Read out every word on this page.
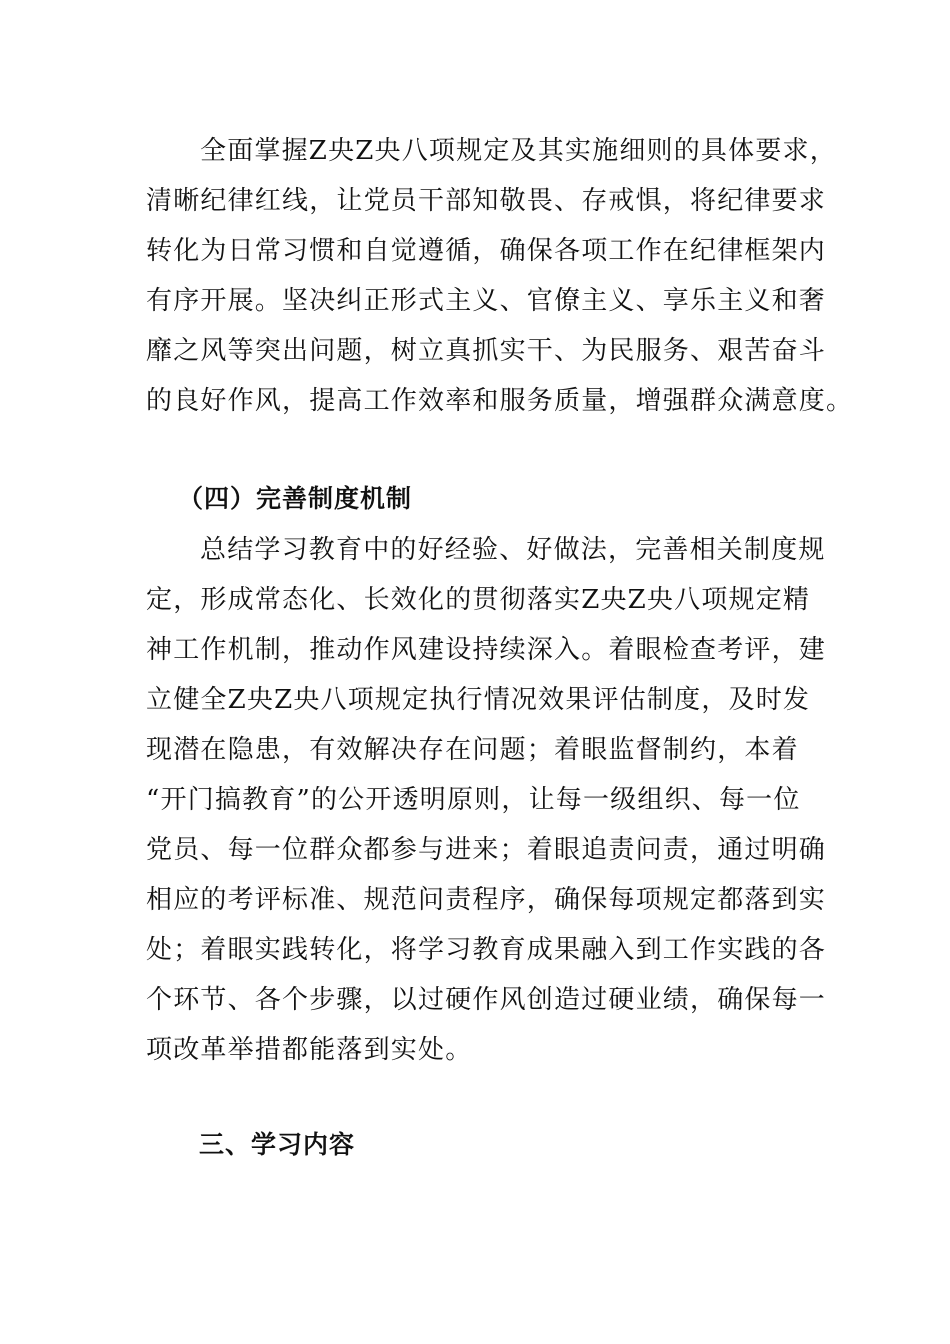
全面掌握Z央Z央八项规定及其实施细则的具体要求，
清晰纪律红线，让党员干部知敬畏、存戒惧，将纪律要求
转化为日常习惯和自觉遵循，确保各项工作在纪律框架内
有序开展。坚决纠正形式主义、官僚主义、享乐主义和奢
靡之风等突出问题，树立真抓实干、为民服务、艰苦奋斗
的良好作风，提高工作效率和服务质量，增强群众满意度。
（四）完善制度机制
总结学习教育中的好经验、好做法，完善相关制度规
定，形成常态化、长效化的贯彻落实Z央Z央八项规定精
神工作机制，推动作风建设持续深入。着眼检查考评，建
立健全Z央Z央八项规定执行情况效果评估制度，及时发
现潜在隐患，有效解决存在问题；着眼监督制约，本着
“开门搞教育”的公开透明原则，让每一级组织、每一位
党员、每一位群众都参与进来；着眼追责问责，通过明确
相应的考评标准、规范问责程序，确保每项规定都落到实
处；着眼实践转化，将学习教育成果融入到工作实践的各
个环节、各个步骤，以过硬作风创造过硬业绩，确保每一
项改革举措都能落到实处。
三、学习内容
